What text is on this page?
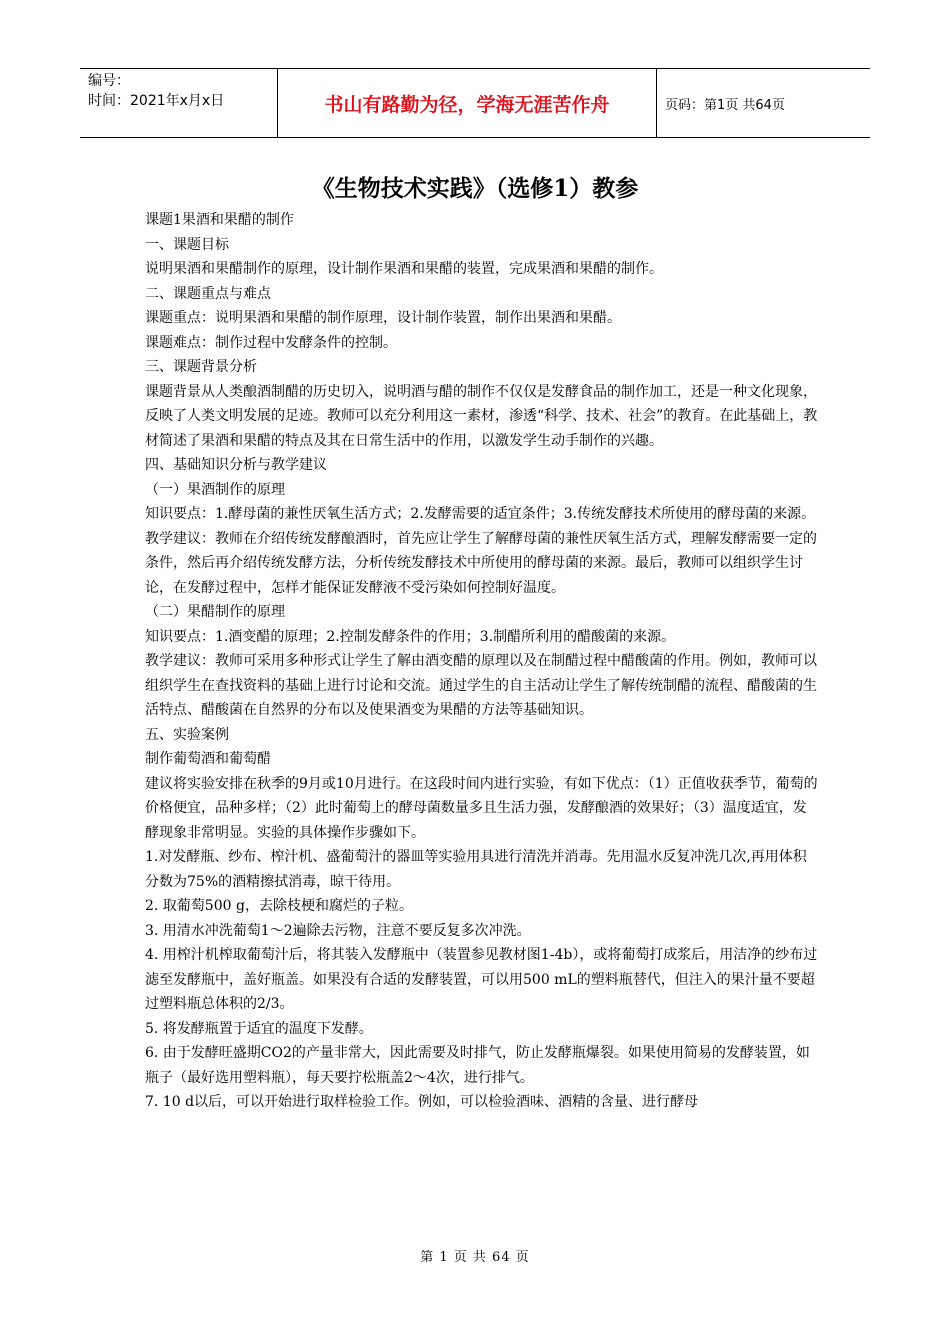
编号：
时间：2021年x月x日	书山有路勤为径，学海无涯苦作舟	页码：第1页 共64页
《生物技术实践》（选修1）教参

课题1果酒和果醋的制作

一、课题目标

说明果酒和果醋制作的原理，设计制作果酒和果醋的装置，完成果酒和果醋的制作。

二、课题重点与难点

课题重点：说明果酒和果醋的制作原理，设计制作装置，制作出果酒和果醋。

课题难点：制作过程中发酵条件的控制。

三、课题背景分析

课题背景从人类酿酒制醋的历史切入，说明酒与醋的制作不仅仅是发酵食品的制作加工，还是一种文化现象，反映了人类文明发展的足迹。教师可以充分利用这一素材，渗透“科学、技术、社会”的教育。在此基础上，教材简述了果酒和果醋的特点及其在日常生活中的作用，以激发学生动手制作的兴趣。

四、基础知识分析与教学建议

（一）果酒制作的原理

知识要点：1.酵母菌的兼性厌氧生活方式；2.发酵需要的适宜条件；3.传统发酵技术所使用的酵母菌的来源。

教学建议：教师在介绍传统发酵酿酒时，首先应让学生了解酵母菌的兼性厌氧生活方式，理解发酵需要一定的条件，然后再介绍传统发酵方法，分析传统发酵技术中所使用的酵母菌的来源。最后，教师可以组织学生讨论，在发酵过程中，怎样才能保证发酵液不受污染如何控制好温度。

（二）果醋制作的原理

知识要点：1.酒变醋的原理；2.控制发酵条件的作用；3.制醋所利用的醋酸菌的来源。

教学建议：教师可采用多种形式让学生了解由酒变醋的原理以及在制醋过程中醋酸菌的作用。例如，教师可以组织学生在查找资料的基础上进行讨论和交流。通过学生的自主活动让学生了解传统制醋的流程、醋酸菌的生活特点、醋酸菌在自然界的分布以及使果酒变为果醋的方法等基础知识。

五、实验案例

制作葡萄酒和葡萄醋

建议将实验安排在秋季的9月或10月进行。在这段时间内进行实验，有如下优点：（1）正值收获季节，葡萄的价格便宜，品种多样；（2）此时葡萄上的酵母菌数量多且生活力强，发酵酿酒的效果好；（3）温度适宜，发酵现象非常明显。实验的具体操作步骤如下。

1.对发酵瓶、纱布、榨汁机、盛葡萄汁的器皿等实验用具进行清洗并消毒。先用温水反复冲洗几次,再用体积分数为75%的酒精擦拭消毒，晾干待用。

2. 取葡萄500 g，去除枝梗和腐烂的子粒。

3. 用清水冲洗葡萄1～2遍除去污物，注意不要反复多次冲洗。

4. 用榨汁机榨取葡萄汁后，将其装入发酵瓶中（装置参见教材图1-4b），或将葡萄打成浆后，用洁净的纱布过滤至发酵瓶中，盖好瓶盖。如果没有合适的发酵装置，可以用500 mL的塑料瓶替代，但注入的果汁量不要超过塑料瓶总体积的2/3。

5. 将发酵瓶置于适宜的温度下发酵。

6. 由于发酵旺盛期CO2的产量非常大，因此需要及时排气，防止发酵瓶爆裂。如果使用简易的发酵装置，如瓶子（最好选用塑料瓶），每天要拧松瓶盖2～4次，进行排气。

7. 10 d以后，可以开始进行取样检验工作。例如，可以检验酒味、酒精的含量、进行酵母

第 1 页 共 64 页
